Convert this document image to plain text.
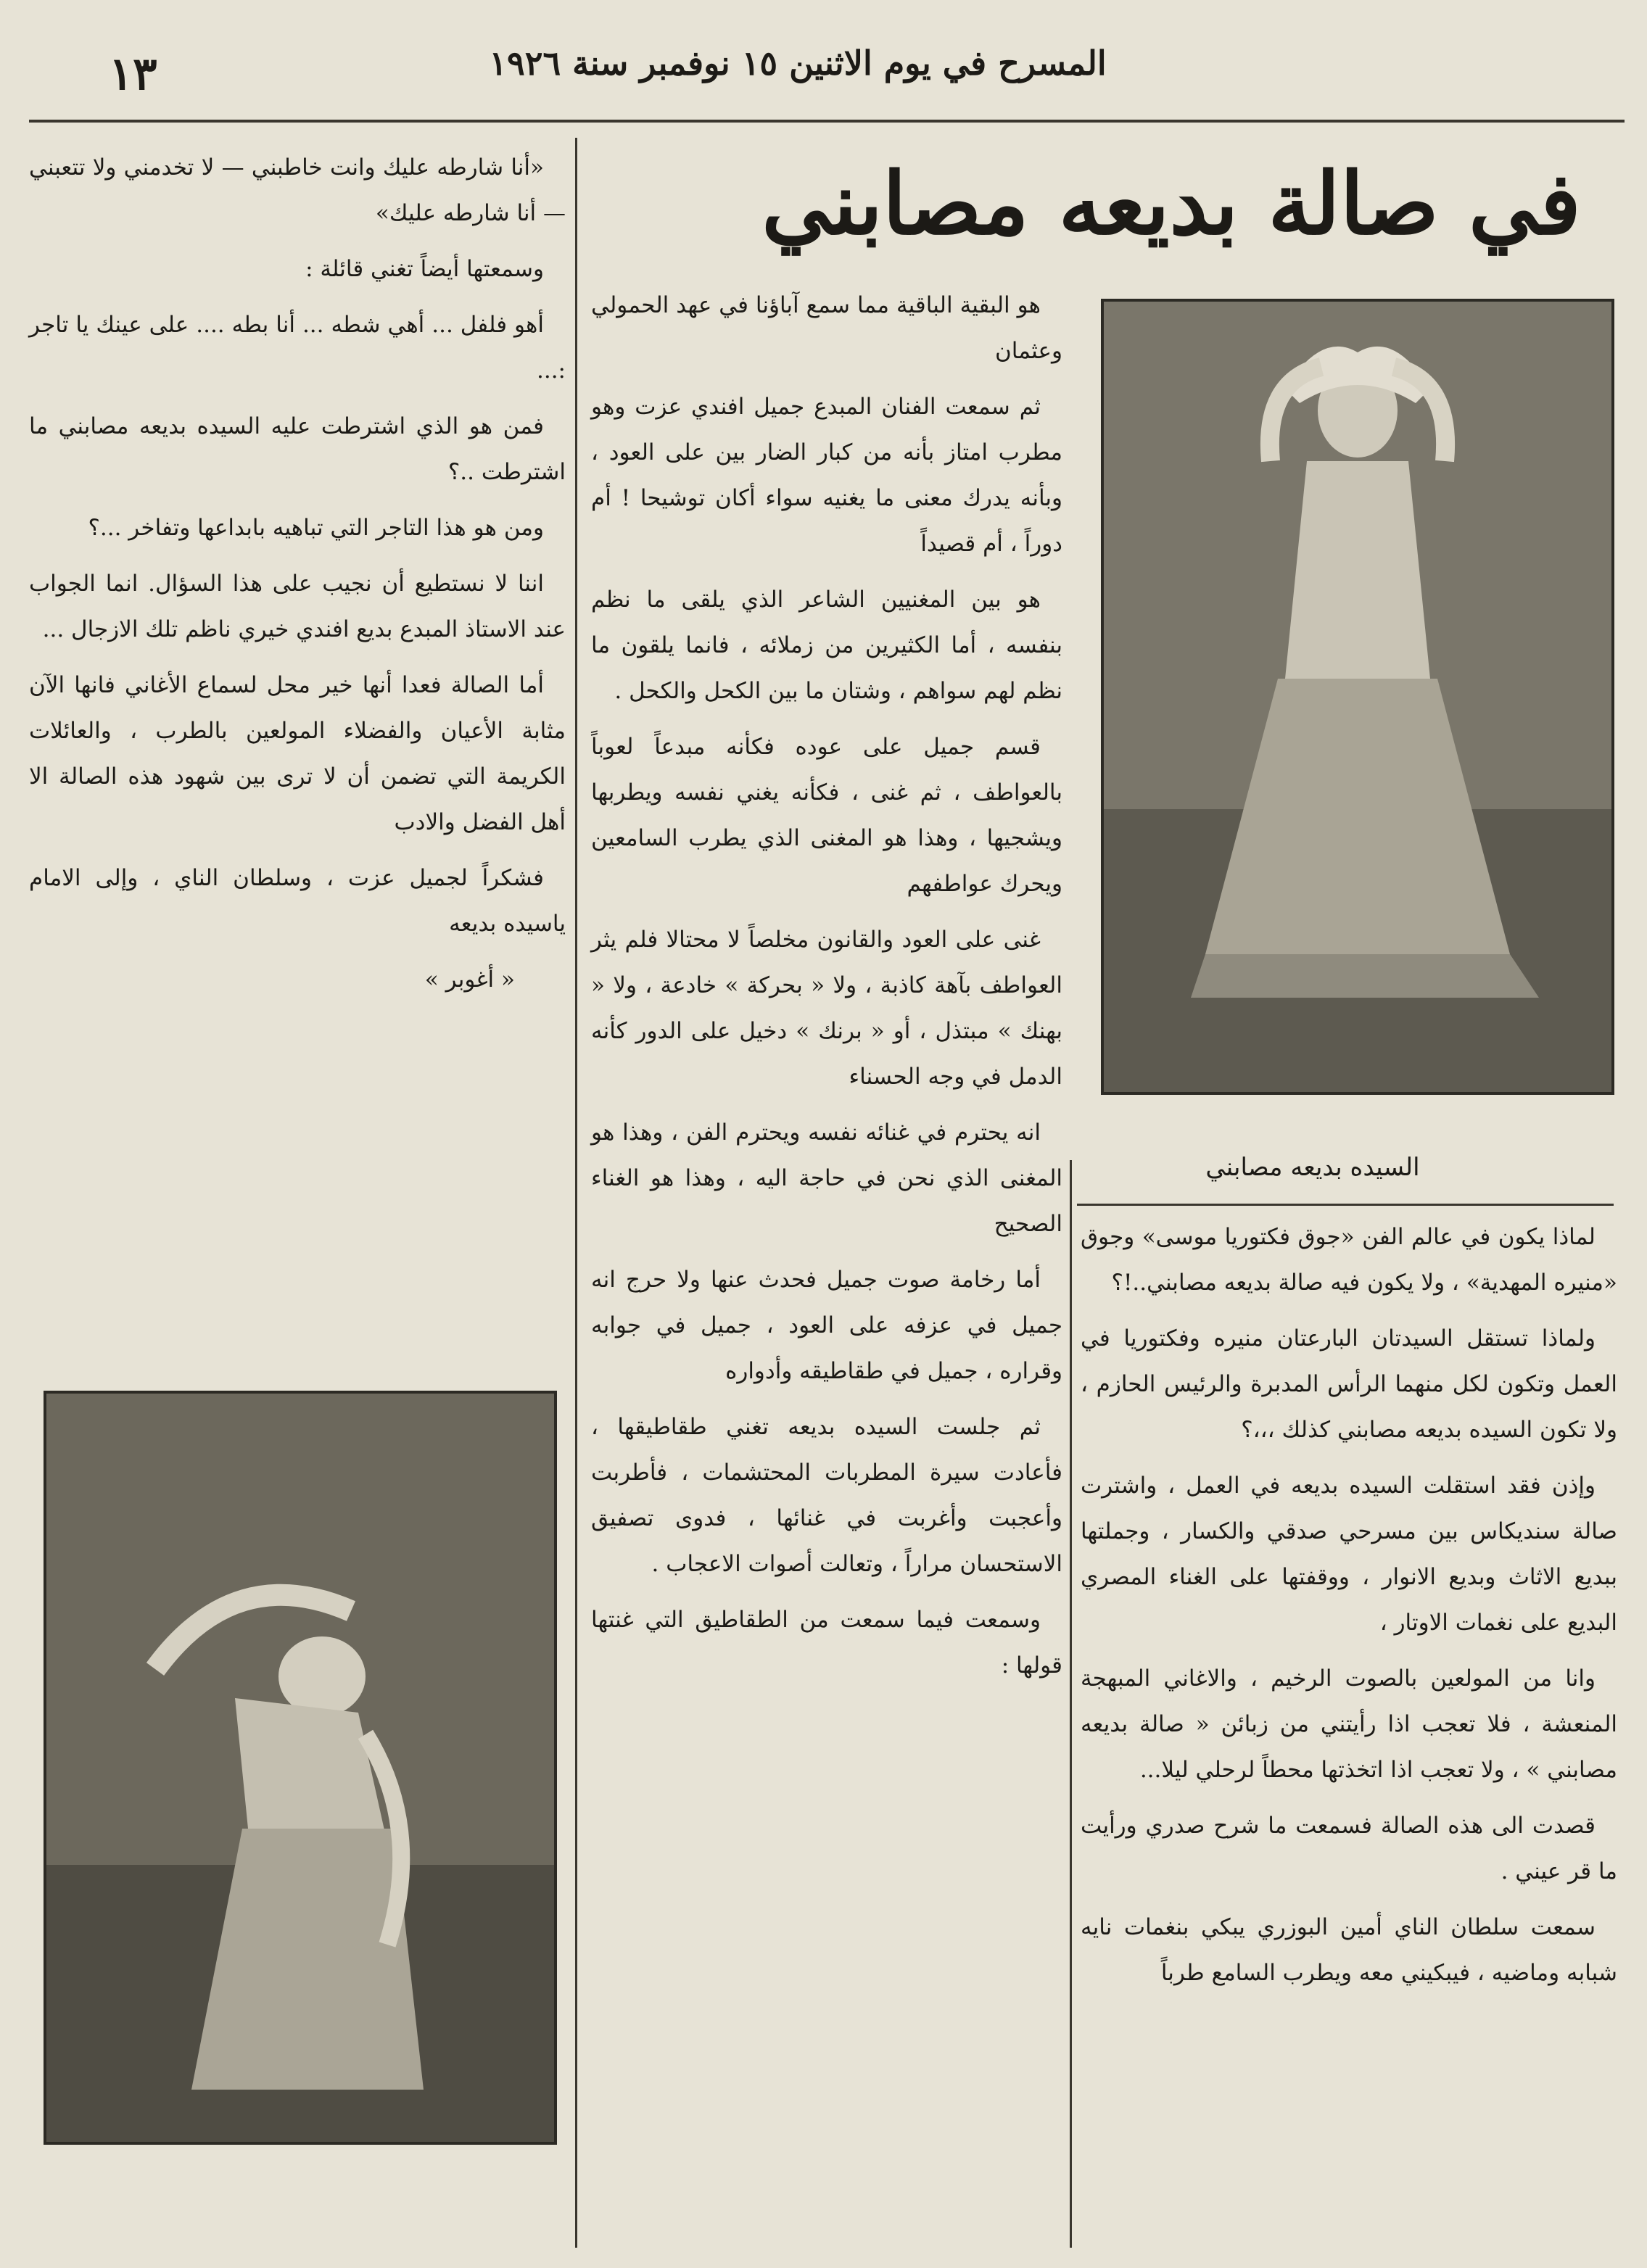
المسرح في يوم الاثنين ١٥ نوفمبر سنة ١٩٢٦
١٣
في صالة بديعه مصابني
السيده بديعه مصابني

هو البقية الباقية مما سمع آباؤنا في عهد الحمولي وعثمان

ثم سمعت الفنان المبدع جميل افندي عزت وهو مطرب امتاز بأنه من كبار الضار بين على العود ، وبأنه يدرك معنى ما يغنيه سواء أكان توشيحا ! أم دوراً ، أم قصيداً

هو بين المغنيين الشاعر الذي يلقى ما نظم بنفسه ، أما الكثيرين من زملائه ، فانما يلقون ما نظم لهم سواهم ، وشتان ما بين الكحل والكحل .

قسم جميل على عوده فكأنه مبدعاً لعوباً بالعواطف ، ثم غنى ، فكأنه يغني نفسه ويطربها ويشجيها ، وهذا هو المغنى الذي يطرب السامعين ويحرك عواطفهم

غنى على العود والقانون مخلصاً لا محتالا فلم يثر العواطف بآهة كاذبة ، ولا « بحركة » خادعة ، ولا « بهنك » مبتذل ، أو « برنك » دخيل على الدور كأنه الدمل في وجه الحسناء

انه يحترم في غنائه نفسه ويحترم الفن ، وهذا هو المغنى الذي نحن في حاجة اليه ، وهذا هو الغناء الصحيح

أما رخامة صوت جميل فحدث عنها ولا حرج انه جميل في عزفه على العود ، جميل في جوابه وقراره ، جميل في طقاطيقه وأدواره

ثم جلست السيده بديعه تغني طقاطيقها ، فأعادت سيرة المطربات المحتشمات ، فأطربت وأعجبت وأغربت في غنائها ، فدوى تصفيق الاستحسان مراراً ، وتعالت أصوات الاعجاب .

وسمعت فيما سمعت من الطقاطيق التي غنتها قولها :

لماذا يكون في عالم الفن «جوق فكتوريا موسى» وجوق «منيره المهدية» ، ولا يكون فيه صالة بديعه مصابني..!؟

ولماذا تستقل السيدتان البارعتان منيره وفكتوريا في العمل وتكون لكل منهما الرأس المدبرة والرئيس الحازم ، ولا تكون السيده بديعه مصابني كذلك ،،،؟

وإذن فقد استقلت السيده بديعه في العمل ، واشترت صالة سنديكاس بين مسرحي صدقي والكسار ، وجملتها ببديع الاثاث وبديع الانوار ، ووقفتها على الغناء المصري البديع على نغمات الاوتار ،

وانا من المولعين بالصوت الرخيم ، والاغاني المبهجة المنعشة ، فلا تعجب اذا رأيتني من زبائن « صالة بديعه مصابني » ، ولا تعجب اذا اتخذتها محطاً لرحلي ليلا...

قصدت الى هذه الصالة فسمعت ما شرح صدري ورأيت ما قر عيني .

سمعت سلطان الناي أمين البوزري يبكي بنغمات نايه شبابه وماضيه ، فيبكيني معه ويطرب السامع طرباً

«أنا شارطه عليك وانت خاطبني — لا تخدمني ولا تتعبني — أنا شارطه عليك»

وسمعتها أيضاً تغني قائلة :

أهو فلفل ... أهي شطه ... أنا بطه .... على عينك يا تاجر :...

فمن هو الذي اشترطت عليه السيده بديعه مصابني ما اشترطت ..؟

ومن هو هذا التاجر التي تباهيه بابداعها وتفاخر ...؟

اننا لا نستطيع أن نجيب على هذا السؤال. انما الجواب عند الاستاذ المبدع بديع افندي خيري ناظم تلك الازجال ...

أما الصالة فعدا أنها خير محل لسماع الأغاني فانها الآن مثابة الأعيان والفضلاء المولعين بالطرب ، والعائلات الكريمة التي تضمن أن لا ترى بين شهود هذه الصالة الا أهل الفضل والادب

فشكراً لجميل عزت ، وسلطان الناي ، وإلى الامام ياسيده بديعه

« أغوبر »
